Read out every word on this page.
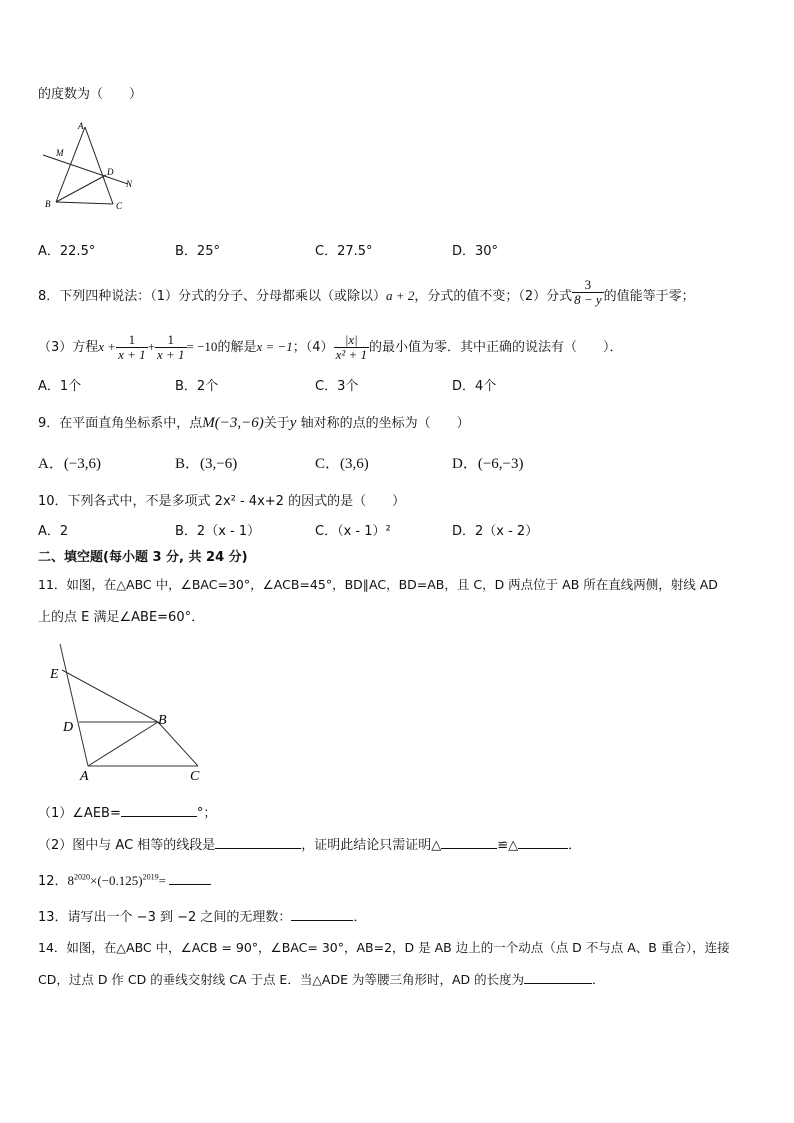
的度数为（　　）
A
M
D
N
B	C
A．22.5°	B．25°	C．27.5°	D．30°
8．下列四种说法：（1）分式的分子、分母都乘以（或除以）a + 2，分式的值不变；（2）分式 $\frac{3}{8 - y}$ 的值能等于零；
（3）方程$x + \frac{1}{x + 1} + \frac{1}{x + 1} = -10$的解是x = −1；$(4) \frac{|x|}{\text{x² + 1}}$ 的最小值为零．其中正确的说法有（　　）．
A．1个	B．2个	C．3个	D．4个
9．在平面直角坐标系中，点M(−3,−6)关于y 轴对称的点的坐标为（　　）
A．(−3,6)	B．(3,−6)	C．(3,6)	D．(−6,−3)
10．下列各式中，不是多项式 2x² - 4x+2 的因式的是（　　）
A．2	B．2（x - 1）	C．（x - 1）²	D．2（x - 2）
二、填空题(每小题 3 分, 共 24 分)
11．如图，在△ABC 中，∠BAC=30°，∠ACB=45°，BD∥AC，BD=AB，且 C，D 两点位于 AB 所在直线两侧，射线 AD
上的点 E 满足∠ABE=60°．
E
D	B
A	C
（1）∠AEB=	°；
（2）图中与 AC 相等的线段是	，证明此结论只需证明△	≌△	．
12．$8^{2020}\times(-0.125)^{2019}=$
13．请写出一个 −3 到 −2 之间的无理数：	．
14．如图，在△ABC 中，∠ACB = 90°，∠BAC= 30°，AB=2，D 是 AB 边上的一个动点（点 D 不与点 A、B 重合），连接
CD，过点 D 作 CD 的垂线交射线 CA 于点 E．当△ADE 为等腰三角形时，AD 的长度为	．
